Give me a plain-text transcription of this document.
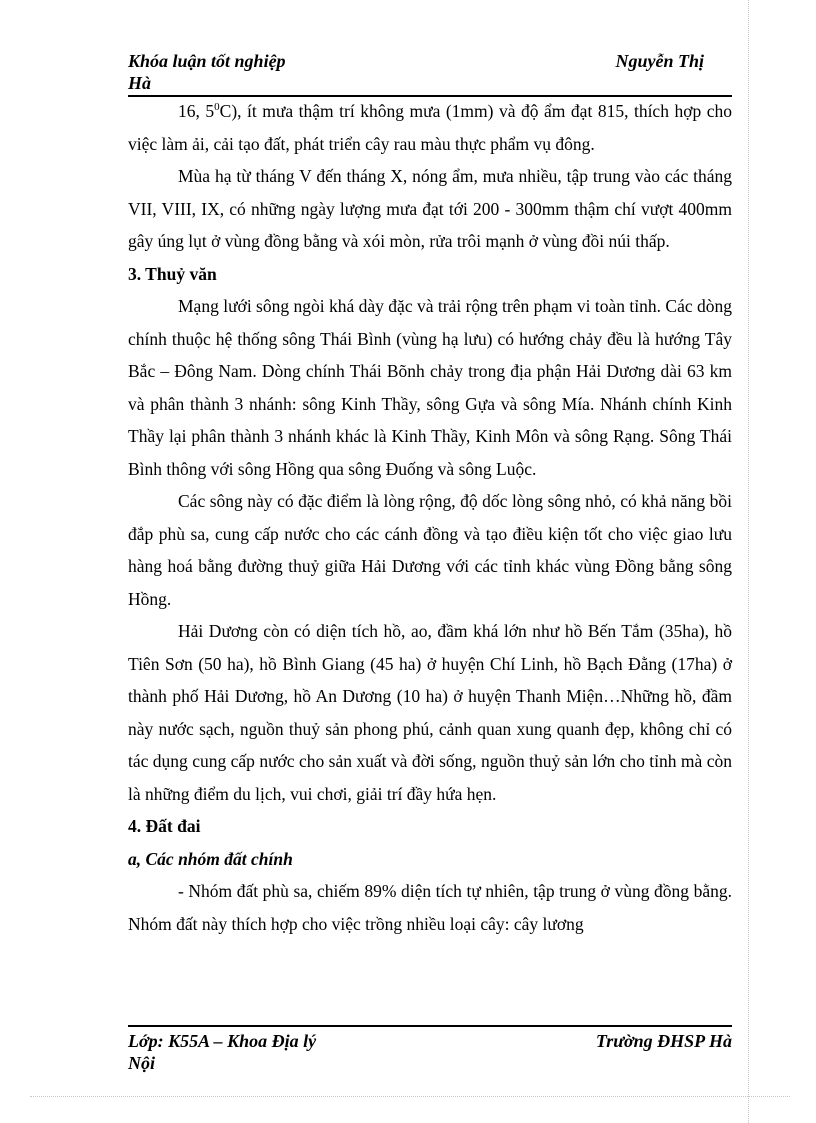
Khóa luận tốt nghiệp	Nguyễn Thị
Hà

16, $5^0C$), ít mưa thậm trí không mưa (1mm) và độ ẩm đạt 815, thích hợp cho việc làm ải, cải tạo đất, phát triển cây rau màu thực phẩm vụ đông.

Mùa hạ từ tháng V đến tháng X, nóng ẩm, mưa nhiều, tập trung vào các tháng VII, VIII, IX, có những ngày lượng mưa đạt tới 200 - 300mm thậm chí vượt 400mm gây úng lụt ở vùng đồng bằng và xói mòn, rửa trôi mạnh ở vùng đồi núi thấp.

3. Thuỷ văn

Mạng lưới sông ngòi khá dày đặc và trải rộng trên phạm vi toàn tỉnh. Các dòng chính thuộc hệ thống sông Thái Bình (vùng hạ lưu) có hướng chảy đều là hướng Tây Bắc – Đông Nam. Dòng chính Thái Bõnh chảy trong địa phận Hải Dương dài 63 km và phân thành 3 nhánh: sông Kinh Thầy, sông Gựa và sông Mía. Nhánh chính Kinh Thầy lại phân thành 3 nhánh khác là Kinh Thầy, Kinh Môn và sông Rạng. Sông Thái Bình thông với sông Hồng qua sông Đuống và sông Luộc.

Các sông này có đặc điểm là lòng rộng, độ dốc lòng sông nhỏ, có khả năng bồi đắp phù sa, cung cấp nước cho các cánh đồng và tạo điều kiện tốt cho việc giao lưu hàng hoá bằng đường thuỷ giữa Hải Dương với các tỉnh khác vùng Đồng bằng sông Hồng.

Hải Dương còn có diện tích hồ, ao, đầm khá lớn như hồ Bến Tắm (35ha), hồ Tiên Sơn (50 ha), hồ Bình Giang (45 ha) ở huyện Chí Linh, hồ Bạch Đằng (17ha) ở thành phố Hải Dương, hồ An Dương (10 ha) ở huyện Thanh Miện…Những hồ, đầm này nước sạch, nguồn thuỷ sản phong phú, cảnh quan xung quanh đẹp, không chỉ có tác dụng cung cấp nước cho sản xuất và đời sống, nguồn thuỷ sản lớn cho tỉnh mà còn là những điểm du lịch, vui chơi, giải trí đầy hứa hẹn.

4. Đất đai
a, Các nhóm đất chính

- Nhóm đất phù sa, chiếm 89% diện tích tự nhiên, tập trung ở vùng đồng bằng. Nhóm đất này thích hợp cho việc trồng nhiều loại cây: cây lương

Lớp: K55A – Khoa Địa lý	Trường ĐHSP Hà
Nội
